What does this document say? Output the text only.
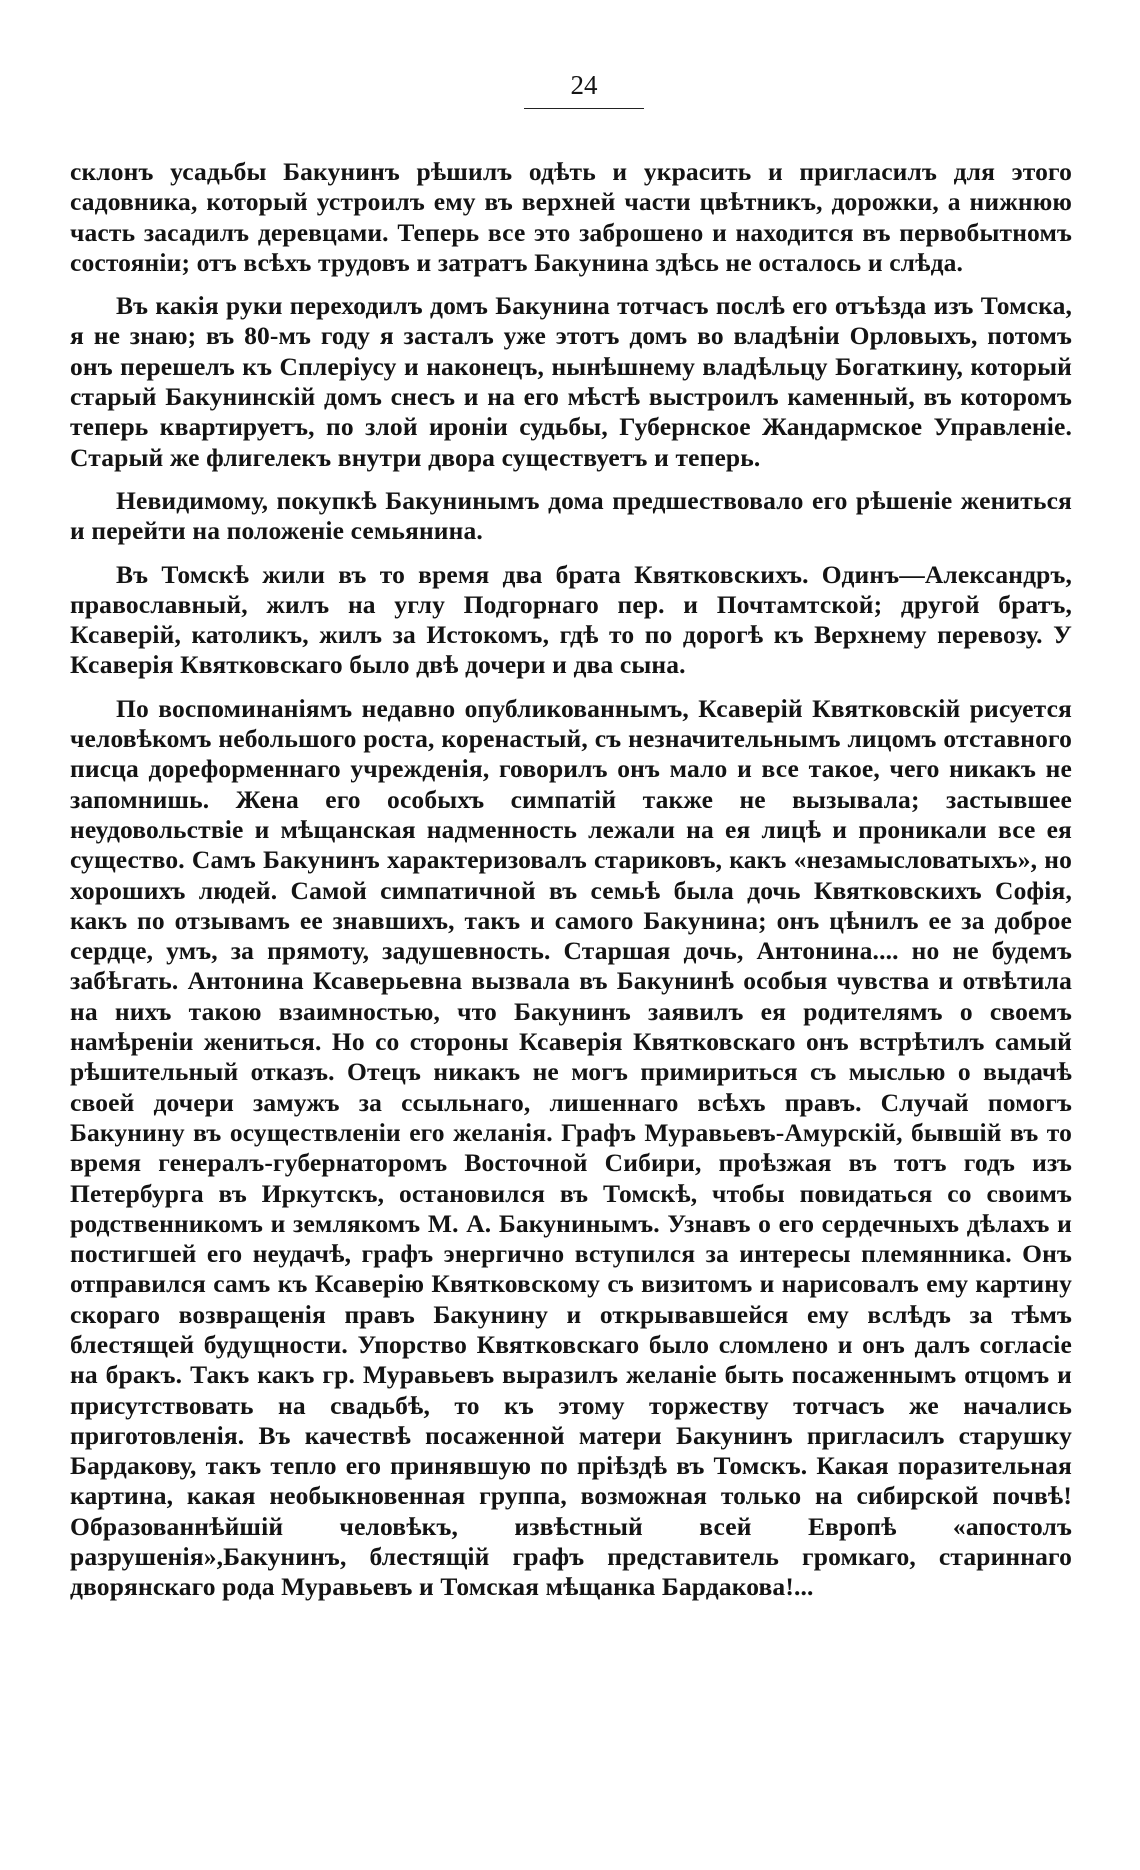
24

склонъ усадьбы Бакунинъ рѣшилъ одѣть и украсить и пригласилъ для этого садовника, который устроилъ ему въ верхней части цвѣтникъ, дорожки, а нижнюю часть засадилъ деревцами. Теперь все это заброшено и находится въ первобытномъ состояніи; отъ всѣхъ трудовъ и затратъ Бакунина здѣсь не осталось и слѣда.

Въ какія руки переходилъ домъ Бакунина тотчасъ послѣ его отъѣзда изъ Томска, я не знаю; въ 80-мъ году я засталъ уже этотъ домъ во владѣніи Орловыхъ, потомъ онъ перешелъ къ Сплеріусу и наконецъ, нынѣшнему владѣльцу Богаткину, который старый Бакунинскій домъ снесъ и на его мѣстѣ выстроилъ каменный, въ которомъ теперь квартируетъ, по злой ироніи судьбы, Губернское Жандармское Управленіе. Старый же флигелекъ внутри двора существуетъ и теперь.

Невидимому, покупкѣ Бакунинымъ дома предшествовало его рѣшеніе жениться и перейти на положеніе семьянина.

Въ Томскѣ жили въ то время два брата Квятковскихъ. Одинъ—Александръ, православный, жилъ на углу Подгорнаго пер. и Почтамтской; другой братъ, Ксаверій, католикъ, жилъ за Истокомъ, гдѣ то по дорогѣ къ Верхнему перевозу. У Ксаверія Квятковскаго было двѣ дочери и два сына.

По воспоминаніямъ недавно опубликованнымъ, Ксаверій Квятковскій рисуется человѣкомъ небольшого роста, коренастый, съ незначительнымъ лицомъ отставного писца дореформеннаго учрежденія, говорилъ онъ мало и все такое, чего никакъ не запомнишь. Жена его особыхъ симпатій также не вызывала; застывшее неудовольствіе и мѣщанская надменность лежали на ея лицѣ и проникали все ея существо. Самъ Бакунинъ характеризовалъ стариковъ, какъ «незамысловатыхъ», но хорошихъ людей. Самой симпатичной въ семьѣ была дочь Квятковскихъ Софія, какъ по отзывамъ ее знавшихъ, такъ и самого Бакунина; онъ цѣнилъ ее за доброе сердце, умъ, за прямоту, задушевность. Старшая дочь, Антонина.... но не будемъ забѣгать. Антонина Ксаверьевна вызвала въ Бакунинѣ особыя чувства и отвѣтила на нихъ такою взаимностью, что Бакунинъ заявилъ ея родителямъ о своемъ намѣреніи жениться. Но со стороны Ксаверія Квятковскаго онъ встрѣтилъ самый рѣшительный отказъ. Отецъ никакъ не могъ примириться съ мыслью о выдачѣ своей дочери замужъ за ссыльнаго, лишеннаго всѣхъ правъ. Случай помогъ Бакунину въ осуществленіи его желанія. Графъ Муравьевъ-Амурскій, бывшій въ то время генералъ-губернаторомъ Восточной Сибири, проѣзжая въ тотъ годъ изъ Петербурга въ Иркутскъ, остановился въ Томскѣ, чтобы повидаться со своимъ родственникомъ и землякомъ М. А. Бакунинымъ. Узнавъ о его сердечныхъ дѣлахъ и постигшей его неудачѣ, графъ энергично вступился за интересы племянника. Онъ отправился самъ къ Ксаверію Квятковскому съ визитомъ и нарисовалъ ему картину скораго возвращенія правъ Бакунину и открывавшейся ему вслѣдъ за тѣмъ блестящей будущности. Упорство Квятковскаго было сломлено и онъ далъ согласіе на бракъ. Такъ какъ гр. Муравьевъ выразилъ желаніе быть посаженнымъ отцомъ и присутствовать на свадьбѣ, то къ этому торжеству тотчасъ же начались приготовленія. Въ качествѣ посаженной матери Бакунинъ пригласилъ старушку Бардакову, такъ тепло его принявшую по пріѣздѣ въ Томскъ. Какая поразительная картина, какая необыкновенная группа, возможная только на сибирской почвѣ! Образованнѣйшій человѣкъ, извѣстный всей Европѣ «апостолъ разрушенія»,Бакунинъ, блестящій графъ представитель громкаго, стариннаго дворянскаго рода Муравьевъ и Томская мѣщанка Бардакова!...
